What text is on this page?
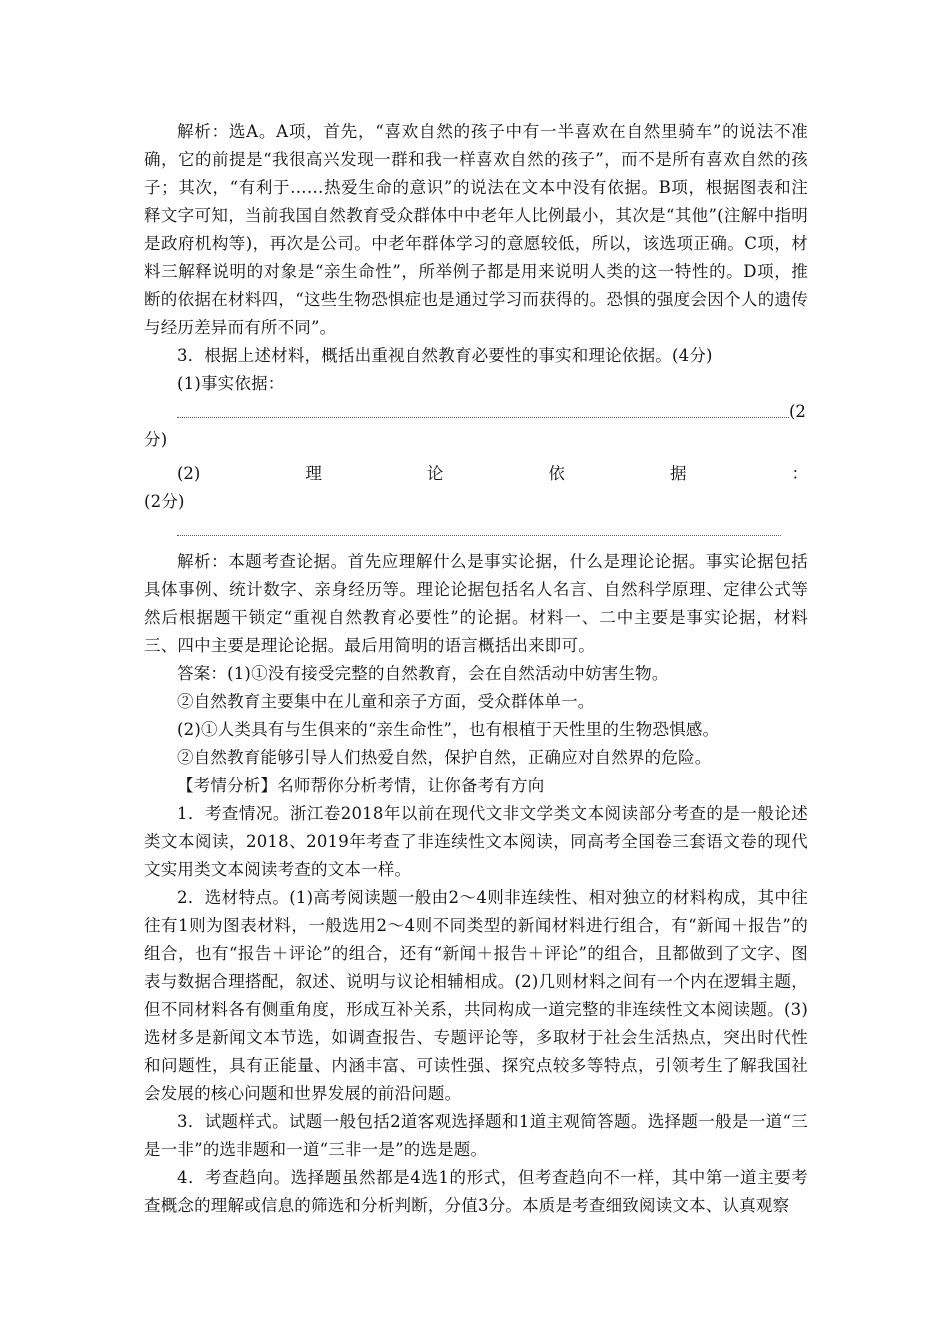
解析：选A。A项，首先，“喜欢自然的孩子中有一半喜欢在自然里骑车”的说法不准确，它的前提是“我很高兴发现一群和我一样喜欢自然的孩子”，而不是所有喜欢自然的孩子；其次，“有利于……热爱生命的意识”的说法在文本中没有依据。B项，根据图表和注释文字可知，当前我国自然教育受众群体中中老年人比例最小，其次是“其他”(注解中指明是政府机构等)，再次是公司。中老年群体学习的意愿较低，所以，该选项正确。C项，材料三解释说明的对象是“亲生命性”，所举例子都是用来说明人类的这一特性的。D项，推断的依据在材料四，“这些生物恐惧症也是通过学习而获得的。恐惧的强度会因个人的遗传与经历差异而有所不同”。

3．根据上述材料，概括出重视自然教育必要性的事实和理论依据。(4分)

(1)事实依据：

(2

分)

(2)	理	论	依	据	：

(2分)

解析：本题考查论据。首先应理解什么是事实论据，什么是理论论据。事实论据包括具体事例、统计数字、亲身经历等。理论论据包括名人名言、自然科学原理、定律公式等然后根据题干锁定“重视自然教育必要性”的论据。材料一、二中主要是事实论据，材料三、四中主要是理论论据。最后用简明的语言概括出来即可。

答案：(1)①没有接受完整的自然教育，会在自然活动中妨害生物。

②自然教育主要集中在儿童和亲子方面，受众群体单一。

(2)①人类具有与生俱来的“亲生命性”，也有根植于天性里的生物恐惧感。

②自然教育能够引导人们热爱自然，保护自然，正确应对自然界的危险。

【考情分析】名师帮你分析考情，让你备考有方向

1．考查情况。浙江卷2018年以前在现代文非文学类文本阅读部分考查的是一般论述类文本阅读，2018、2019年考查了非连续性文本阅读，同高考全国卷三套语文卷的现代文实用类文本阅读考查的文本一样。

2．选材特点。(1)高考阅读题一般由2～4则非连续性、相对独立的材料构成，其中往往有1则为图表材料，一般选用2～4则不同类型的新闻材料进行组合，有“新闻＋报告”的组合，也有“报告＋评论”的组合，还有“新闻＋报告＋评论”的组合，且都做到了文字、图表与数据合理搭配，叙述、说明与议论相辅相成。(2)几则材料之间有一个内在逻辑主题，但不同材料各有侧重角度，形成互补关系，共同构成一道完整的非连续性文本阅读题。(3)选材多是新闻文本节选，如调查报告、专题评论等，多取材于社会生活热点，突出时代性和问题性，具有正能量、内涵丰富、可读性强、探究点较多等特点，引领考生了解我国社会发展的核心问题和世界发展的前沿问题。

3．试题样式。试题一般包括2道客观选择题和1道主观简答题。选择题一般是一道“三是一非”的选非题和一道“三非一是”的选是题。

4．考查趋向。选择题虽然都是4选1的形式，但考查趋向不一样，其中第一道主要考查概念的理解或信息的筛选和分析判断，分值3分。本质是考查细致阅读文本、认真观察
